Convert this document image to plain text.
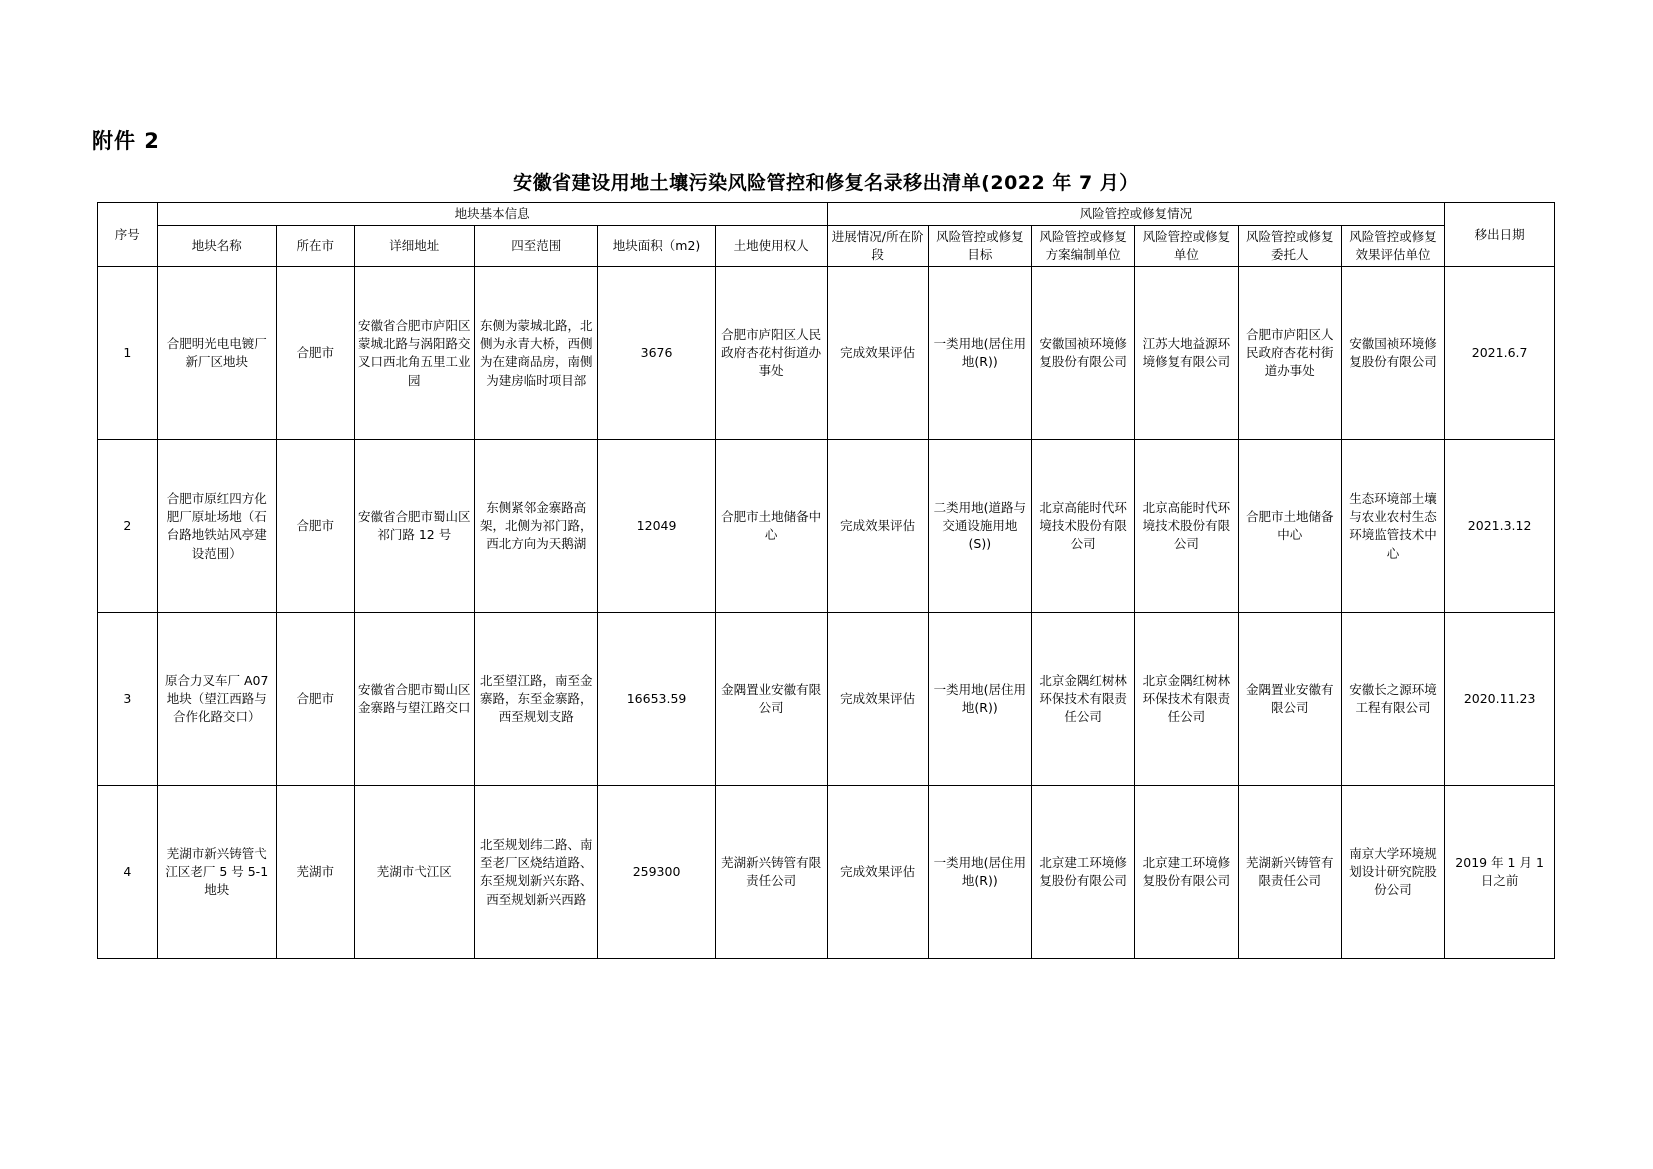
附件 2
安徽省建设用地土壤污染风险管控和修复名录移出清单(2022 年 7 月）
序号	地块基本信息						风险管控或修复情况						移出日期
	地块名称	所在市	详细地址	四至范围	地块面积（m2)	土地使用权人	进展情况/所在阶段	风险管控或修复目标	风险管控或修复方案编制单位	风险管控或修复单位	风险管控或修复委托人	风险管控或修复效果评估单位	
1	合肥明光电电镀厂新厂区地块	合肥市	安徽省合肥市庐阳区蒙城北路与涡阳路交叉口西北角五里工业园	东侧为蒙城北路，北侧为永青大桥，西侧为在建商品房，南侧为建房临时项目部	3676	合肥市庐阳区人民政府杏花村街道办事处	完成效果评估	一类用地(居住用地(R))	安徽国祯环境修复股份有限公司	江苏大地益源环境修复有限公司	合肥市庐阳区人民政府杏花村街道办事处	安徽国祯环境修复股份有限公司	2021.6.7
2	合肥市原红四方化肥厂原址场地（石台路地铁站风亭建设范围）	合肥市	安徽省合肥市蜀山区祁门路 12 号	东侧紧邻金寨路高架，北侧为祁门路，西北方向为天鹅湖	12049	合肥市土地储备中心	完成效果评估	二类用地(道路与交通设施用地(S))	北京高能时代环境技术股份有限公司	北京高能时代环境技术股份有限公司	合肥市土地储备中心	生态环境部土壤与农业农村生态环境监管技术中心	2021.3.12
3	原合力叉车厂 A07 地块（望江西路与合作化路交口）	合肥市	安徽省合肥市蜀山区金寨路与望江路交口	北至望江路，南至金寨路，东至金寨路，西至规划支路	16653.59	金隅置业安徽有限公司	完成效果评估	一类用地(居住用地(R))	北京金隅红树林环保技术有限责任公司	北京金隅红树林环保技术有限责任公司	金隅置业安徽有限公司	安徽长之源环境工程有限公司	2020.11.23
4	芜湖市新兴铸管弋江区老厂 5 号 5-1 地块	芜湖市	芜湖市弋江区	北至规划纬二路、南至老厂区烧结道路、东至规划新兴东路、西至规划新兴西路	259300	芜湖新兴铸管有限责任公司	完成效果评估	一类用地(居住用地(R))	北京建工环境修复股份有限公司	北京建工环境修复股份有限公司	芜湖新兴铸管有限责任公司	南京大学环境规划设计研究院股份公司	2019 年 1 月 1 日之前
